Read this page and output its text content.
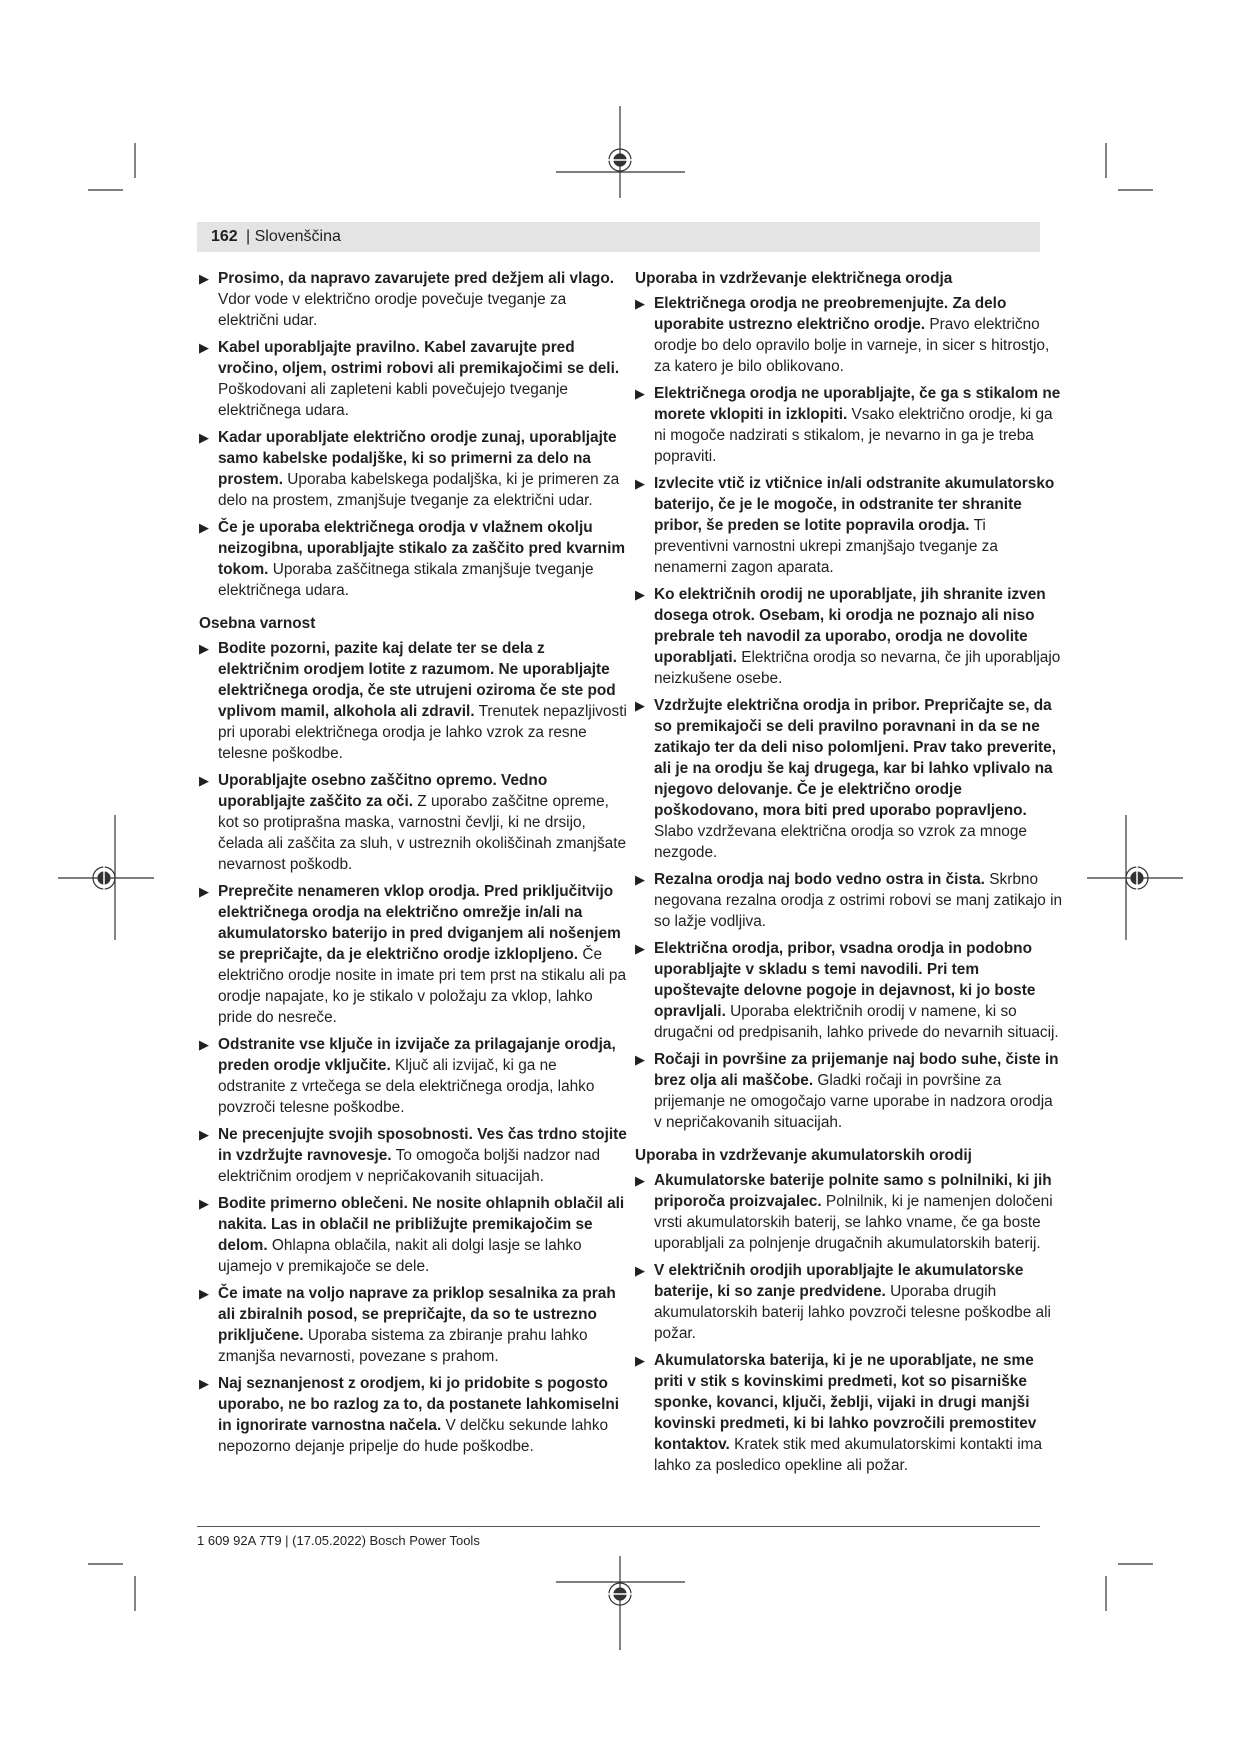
162
|	Slovenščina
▶ Prosimo, da napravo zavarujete pred dežjem ali vlago. Vdor vode v električno orodje povečuje tveganje za električni udar.
▶ Kabel uporabljajte pravilno. Kabel zavarujte pred vročino, oljem, ostrimi robovi ali premikajočimi se deli. Poškodovani ali zapleteni kabli povečujejo tveganje električnega udara.
▶ Kadar uporabljate električno orodje zunaj, uporabljajte samo kabelske podaljške, ki so primerni za delo na prostem. Uporaba kabelskega podaljška, ki je primeren za delo na prostem, zmanjšuje tveganje za električni udar.
▶ Če je uporaba električnega orodja v vlažnem okolju neizogibna, uporabljajte stikalo za zaščito pred kvarnim tokom. Uporaba zaščitnega stikala zmanjšuje tveganje električnega udara.
Osebna varnost
▶ Bodite pozorni, pazite kaj delate ter se dela z električnim orodjem lotite z razumom. Ne uporabljajte električnega orodja, če ste utrujeni oziroma če ste pod vplivom mamil, alkohola ali zdravil. Trenutek nepazljivosti pri uporabi električnega orodja je lahko vzrok za resne telesne poškodbe.
▶ Uporabljajte osebno zaščitno opremo. Vedno uporabljajte zaščito za oči. Z uporabo zaščitne opreme, kot so protiprašna maska, varnostni čevlji, ki ne drsijo, čelada ali zaščita za sluh, v ustreznih okoliščinah zmanjšate nevarnost poškodb.
▶ Preprečite nenameren vklop orodja. Pred priključitvijo električnega orodja na električno omrežje in/ali na akumulatorsko baterijo in pred dviganjem ali nošenjem se prepričajte, da je električno orodje izklopljeno. Če električno orodje nosite in imate pri tem prst na stikalu ali pa orodje napajate, ko je stikalo v položaju za vklop, lahko pride do nesreče.
▶ Odstranite vse ključe in izvijače za prilagajanje orodja, preden orodje vključite. Ključ ali izvijač, ki ga ne odstranite z vrtečega se dela električnega orodja, lahko povzroči telesne poškodbe.
▶ Ne precenjujte svojih sposobnosti. Ves čas trdno stojite in vzdržujte ravnovesje. To omogoča boljši nadzor nad električnim orodjem v nepričakovanih situacijah.
▶ Bodite primerno oblečeni. Ne nosite ohlapnih oblačil ali nakita. Las in oblačil ne približujte premikajočim se delom. Ohlapna oblačila, nakit ali dolgi lasje se lahko ujamejo v premikajoče se dele.
▶ Če imate na voljo naprave za priklop sesalnika za prah ali zbiralnih posod, se prepričajte, da so te ustrezno priključene. Uporaba sistema za zbiranje prahu lahko zmanjša nevarnosti, povezane s prahom.
▶ Naj seznanjenost z orodjem, ki jo pridobite s pogosto uporabo, ne bo razlog za to, da postanete lahkomiselni in ignorirate varnostna načela. V delčku sekunde lahko nepozorno dejanje pripelje do hude poškodbe.
Uporaba in vzdrževanje električnega orodja
▶ Električnega orodja ne preobremenjujte. Za delo uporabite ustrezno električno orodje. Pravo električno orodje bo delo opravilo bolje in varneje, in sicer s hitrostjo, za katero je bilo oblikovano.
▶ Električnega orodja ne uporabljajte, če ga s stikalom ne morete vklopiti in izklopiti. Vsako električno orodje, ki ga ni mogoče nadzirati s stikalom, je nevarno in ga je treba popraviti.
▶ Izvlecite vtič iz vtičnice in/ali odstranite akumulatorsko baterijo, če je le mogoče, in odstranite ter shranite pribor, še preden se lotite popravila orodja. Ti preventivni varnostni ukrepi zmanjšajo tveganje za nenamerni zagon aparata.
▶ Ko električnih orodij ne uporabljate, jih shranite izven dosega otrok. Osebam, ki orodja ne poznajo ali niso prebrale teh navodil za uporabo, orodja ne dovolite uporabljati. Električna orodja so nevarna, če jih uporabljajo neizkušene osebe.
▶ Vzdržujte električna orodja in pribor. Prepričajte se, da so premikajoči se deli pravilno poravnani in da se ne zatikajo ter da deli niso polomljeni. Prav tako preverite, ali je na orodju še kaj drugega, kar bi lahko vplivalo na njegovo delovanje. Če je električno orodje poškodovano, mora biti pred uporabo popravljeno. Slabo vzdrževana električna orodja so vzrok za mnoge nezgode.
▶ Rezalna orodja naj bodo vedno ostra in čista. Skrbno negovana rezalna orodja z ostrimi robovi se manj zatikajo in so lažje vodljiva.
▶ Električna orodja, pribor, vsadna orodja in podobno uporabljajte v skladu s temi navodili. Pri tem upoštevajte delovne pogoje in dejavnost, ki jo boste opravljali. Uporaba električnih orodij v namene, ki so drugačni od predpisanih, lahko privede do nevarnih situacij.
▶ Ročaji in površine za prijemanje naj bodo suhe, čiste in brez olja ali maščobe. Gladki ročaji in površine za prijemanje ne omogočajo varne uporabe in nadzora orodja v nepričakovanih situacijah.
Uporaba in vzdrževanje akumulatorskih orodij
▶ Akumulatorske baterije polnite samo s polnilniki, ki jih priporoča proizvajalec. Polnilnik, ki je namenjen določeni vrsti akumulatorskih baterij, se lahko vname, če ga boste uporabljali za polnjenje drugačnih akumulatorskih baterij.
▶ V električnih orodjih uporabljajte le akumulatorske baterije, ki so zanje predvidene. Uporaba drugih akumulatorskih baterij lahko povzroči telesne poškodbe ali požar.
▶ Akumulatorska baterija, ki je ne uporabljate, ne sme priti v stik s kovinskimi predmeti, kot so pisarniške sponke, kovanci, ključi, žeblji, vijaki in drugi manjši kovinski predmeti, ki bi lahko povzročili premostitev kontaktov. Kratek stik med akumulatorskimi kontakti ima lahko za posledico opekline ali požar.
1 609 92A 7T9 | (17.05.2022) Bosch Power Tools
